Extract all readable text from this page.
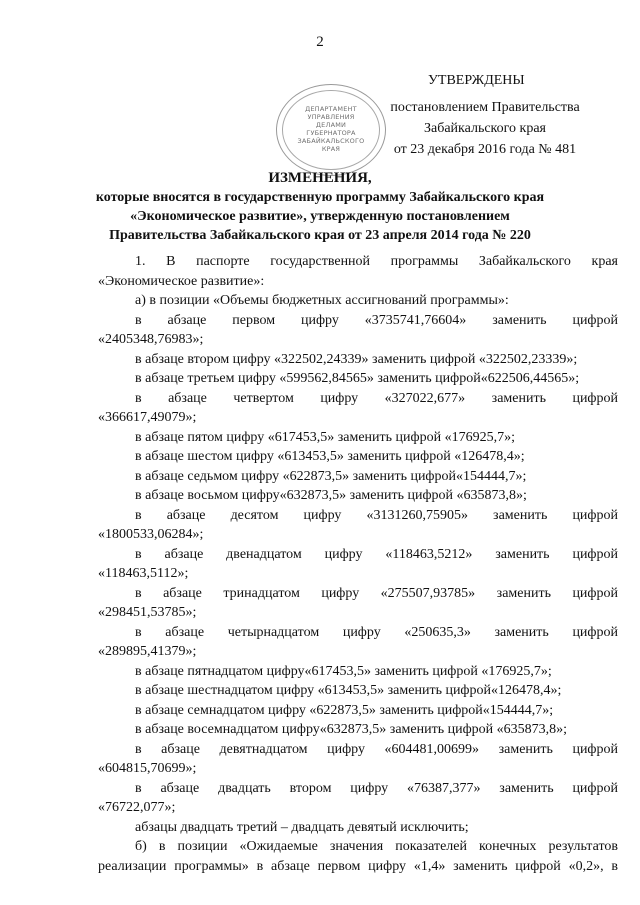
2
ДЕПАРТАМЕНТ УПРАВЛЕНИЯ ДЕЛАМИ ГУБЕРНАТОРА ЗАБАЙКАЛЬСКОГО КРАЯ
УТВЕРЖДЕНЫ
постановлением Правительства
Забайкальского края
от 23 декабря 2016 года № 481
ИЗМЕНЕНИЯ,
которые вносятся в государственную программу Забайкальского края
«Экономическое развитие», утвержденную постановлением
Правительства Забайкальского края от 23 апреля 2014 года № 220
1. В паспорте государственной программы Забайкальского края
«Экономическое развитие»:
а) в позиции «Объемы бюджетных ассигнований программы»:
в абзаце первом цифру «3735741,76604» заменить цифрой
«2405348,76983»;
в абзаце втором цифру «322502,24339» заменить цифрой «322502,23339»;
в абзаце третьем цифру «599562,84565» заменить цифрой«622506,44565»;
в абзаце четвертом цифру «327022,677» заменить цифрой
«366617,49079»;
в абзаце пятом цифру «617453,5» заменить цифрой «176925,7»;
в абзаце шестом цифру «613453,5» заменить цифрой «126478,4»;
в абзаце седьмом цифру «622873,5» заменить цифрой«154444,7»;
в абзаце восьмом цифру«632873,5» заменить цифрой «635873,8»;
в абзаце десятом цифру «3131260,75905» заменить цифрой
«1800533,06284»;
в абзаце двенадцатом цифру «118463,5212» заменить цифрой
«118463,5112»;
в абзаце тринадцатом цифру «275507,93785» заменить цифрой
«298451,53785»;
в абзаце четырнадцатом цифру «250635,3» заменить цифрой
«289895,41379»;
в абзаце пятнадцатом цифру«617453,5» заменить цифрой «176925,7»;
в абзаце шестнадцатом цифру «613453,5» заменить цифрой«126478,4»;
в абзаце семнадцатом цифру «622873,5» заменить цифрой«154444,7»;
в абзаце восемнадцатом цифру«632873,5» заменить цифрой «635873,8»;
в абзаце девятнадцатом цифру «604481,00699» заменить цифрой
«604815,70699»;
в абзаце двадцать втором цифру «76387,377» заменить цифрой
«76722,077»;
абзацы двадцать третий – двадцать девятый исключить;
б) в позиции «Ожидаемые значения показателей конечных результатов
реализации программы» в абзаце первом цифру «1,4» заменить цифрой «0,2», в
